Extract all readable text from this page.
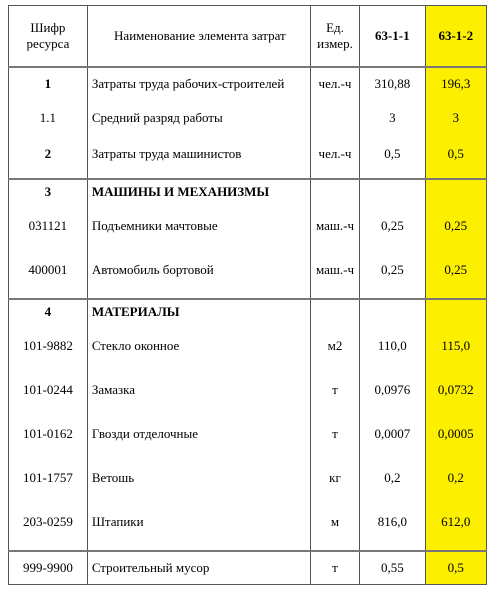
Шифр ресурса	Наименование элемента затрат	Ед. измер.	63-1-1	63-1-2
1	Затраты труда рабочих-строителей	чел.-ч	310,88	196,3
1.1	Средний разряд работы		3	3
2	Затраты труда машинистов	чел.-ч	0,5	0,5

3	МАШИНЫ И МЕХАНИЗМЫ			
031121	Подъемники мачтовые	маш.-ч	0,25	0,25
400001	Автомобиль бортовой	маш.-ч	0,25	0,25

4	МАТЕРИАЛЫ			
101-9882	Стекло оконное	м2	110,0	115,0
101-0244	Замазка	т	0,0976	0,0732
101-0162	Гвозди отделочные	т	0,0007	0,0005
101-1757	Ветошь	кг	0,2	0,2
203-0259	Штапики	м	816,0	612,0

999-9900	Строительный мусор	т	0,55	0,5
